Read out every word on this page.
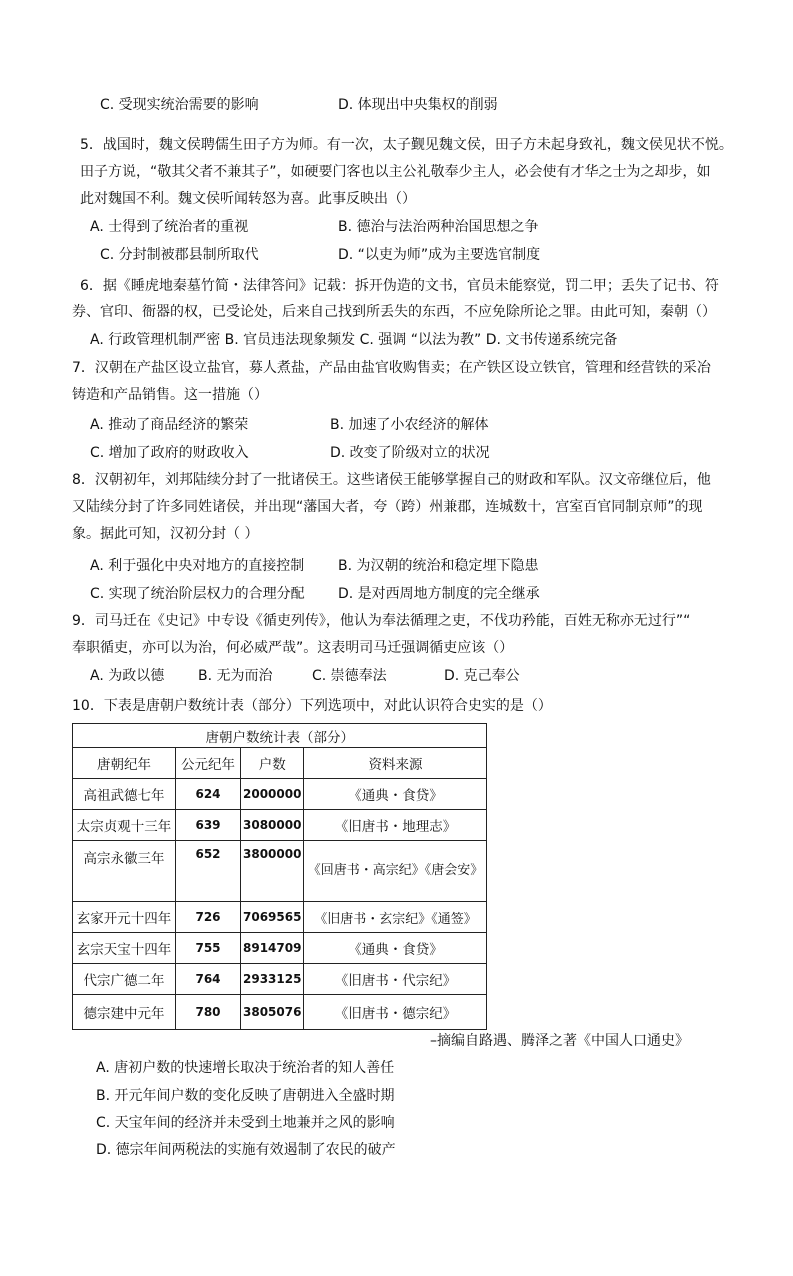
C. 受现实统治需要的影响	D. 体现出中央集权的削弱
5．战国时，魏文侯聘儒生田子方为师。有一次，太子觐见魏文侯，田子方未起身致礼，魏文侯见状不悦。
田子方说，“敬其父者不兼其子”，如硬要门客也以主公礼敬奉少主人，必会使有才华之士为之却步，如
此对魏国不利。魏文侯听闻转怒为喜。此事反映出（）
A. 士得到了统治者的重视	B. 德治与法治两种治国思想之争
C. 分封制被郡县制所取代	D. “以吏为师”成为主要选官制度
6．据《睡虎地秦墓竹简・法律答问》记载：拆开伪造的文书，官员未能察觉，罚二甲；丢失了记书、符
券、官印、衙器的权，已受论处，后来自己找到所丢失的东西，不应免除所论之罪。由此可知，秦朝（）
A. 行政管理机制严密 B. 官员违法现象频发 C. 强调 “以法为教” D. 文书传递系统完备
7．汉朝在产盐区设立盐官，募人煮盐，产品由盐官收购售卖；在产铁区设立铁官，管理和经营铁的采冶
铸造和产品销售。这一措施（）
A. 推动了商品经济的繁荣	B. 加速了小农经济的解体
C. 增加了政府的财政收入	D. 改变了阶级对立的状况
8．汉朝初年，刘邦陆续分封了一批诸侯王。这些诸侯王能够掌握自己的财政和军队。汉文帝继位后，他
又陆续分封了许多同姓诸侯，并出现“藩国大者，夸（跨）州兼郡，连城数十，宫室百官同制京师”的现
象。据此可知，汉初分封（ ）
A. 利于强化中央对地方的直接控制 B. 为汉朝的统治和稳定埋下隐患
C. 实现了统治阶层权力的合理分配 D. 是对西周地方制度的完全继承
9．司马迁在《史记》中专设《循吏列传》，他认为奉法循理之吏，不伐功矜能，百姓无称亦无过行”“
奉职循吏，亦可以为治，何必威严哉”。这表明司马迁强调循吏应该（）
A. 为政以德 B. 无为而治	C. 崇德奉法	D. 克己奉公
10．下表是唐朝户数统计表（部分）下列选项中，对此认识符合史实的是（）
唐朝户数统计表（部分）			
唐朝纪年	公元纪年	户数	资料来源
高祖武德七年	624	2000000	《通典・食贷》
太宗贞观十三年	639	3080000	《旧唐书・地理志》
高宗永徽三年	652	3800000	《回唐书・高宗纪》《唐会安》
玄家开元十四年	726	7069565	《旧唐书・玄宗纪》《通签》
玄宗天宝十四年	755	8914709	《通典・食贷》
代宗广德二年	764	2933125	《旧唐书・代宗纪》
德宗建中元年	780	3805076	《旧唐书・德宗纪》
–摘编自路遇、腾泽之著《中国人口通史》
A. 唐初户数的快速增长取决于统治者的知人善任
B. 开元年间户数的变化反映了唐朝进入全盛时期
C. 天宝年间的经济并未受到土地兼并之风的影响
D. 德宗年间两税法的实施有效遏制了农民的破产
